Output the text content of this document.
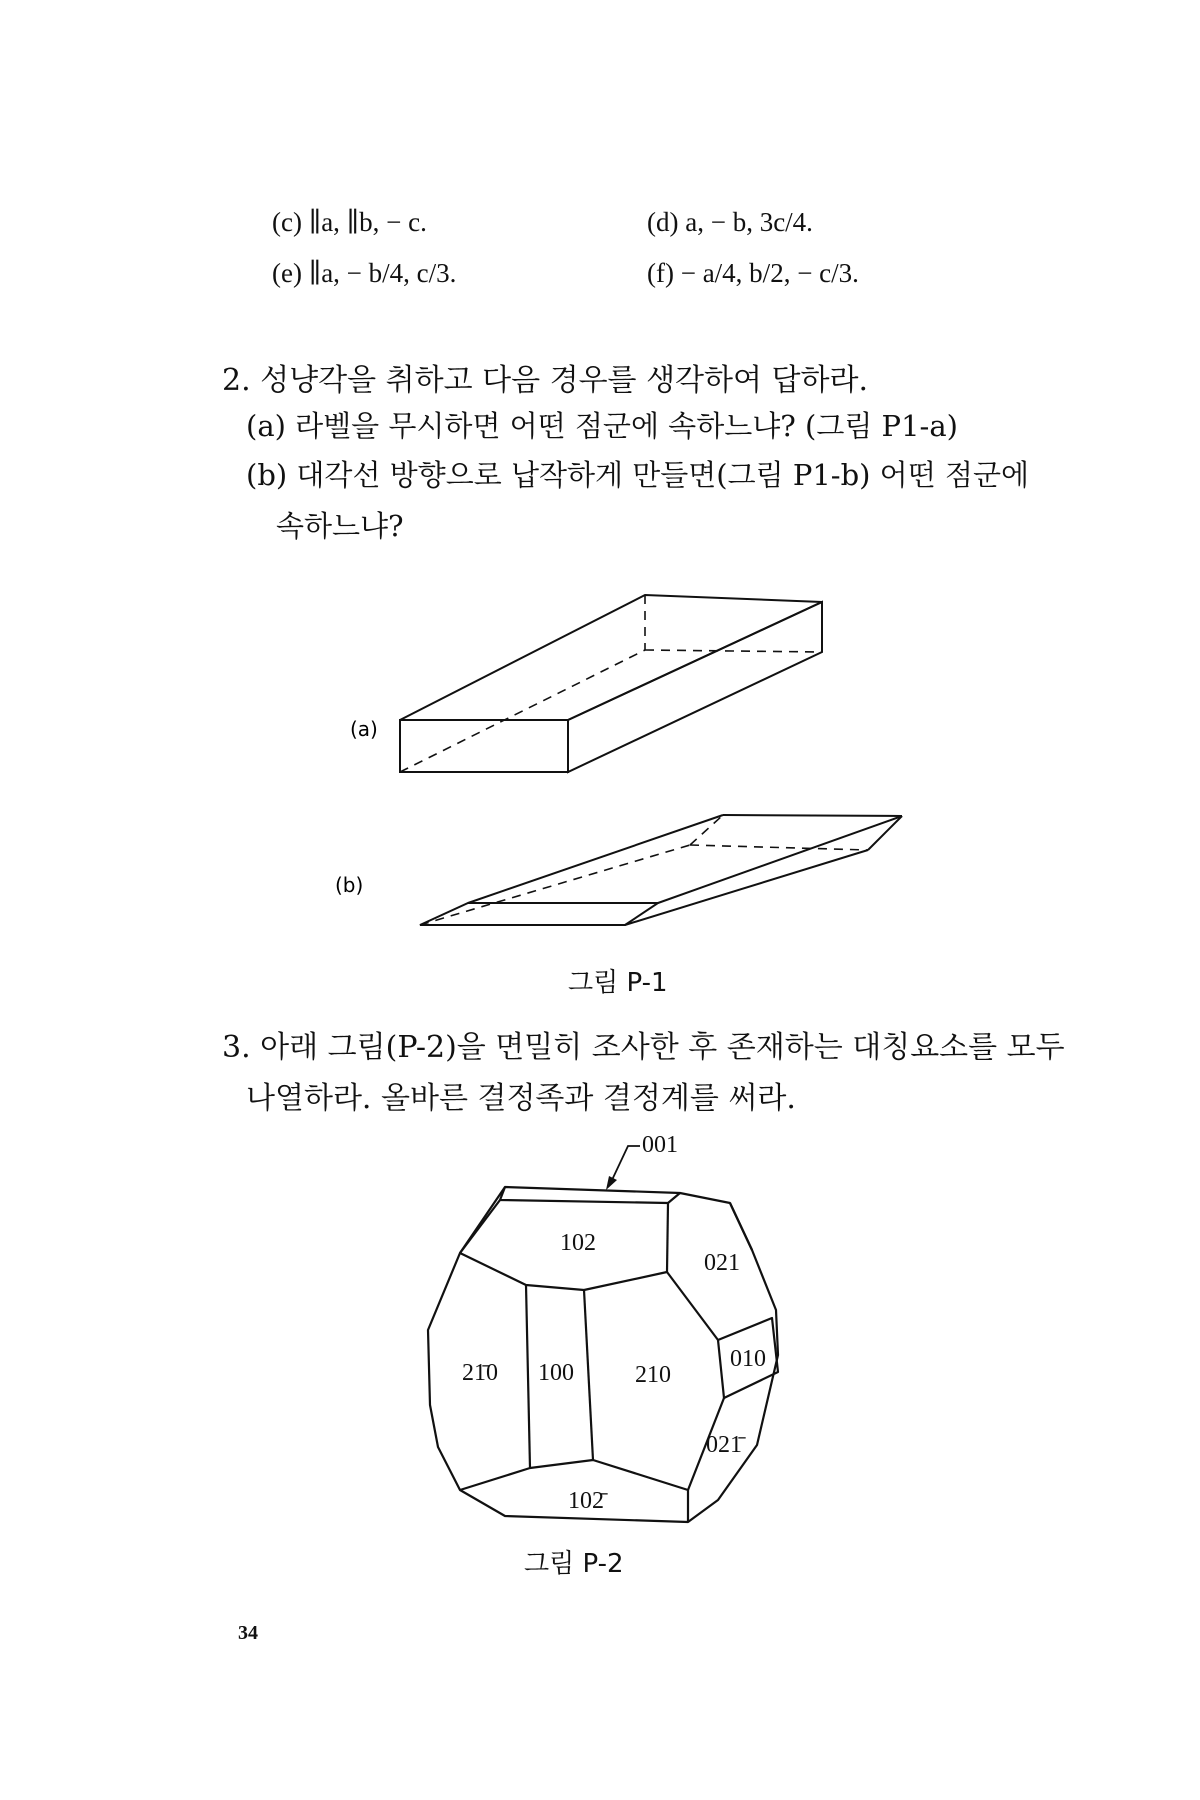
(c) ∥a, ∥b, − c.	(d) a, − b, 3c/4.
(e) ∥a, − b/4, c/3.	(f) − a/4, b/2, − c/3.
2. 성냥각을 취하고 다음 경우를 생각하여 답하라.
(a) 라벨을 무시하면 어떤 점군에 속하느냐? (그림 P1-a)
(b) 대각선 방향으로 납작하게 만들면(그림 P1-b) 어떤 점군에
속하느냐?
(a)
(b)
그림 P-1
3. 아래 그림(P-2)을 면밀히 조사한 후 존재하는 대칭요소를 모두
나열하라. 올바른 결정족과 결정계를 써라.
001
102
021
21̄0 100	210
010
021̄
102̄
그림 P-2
34
